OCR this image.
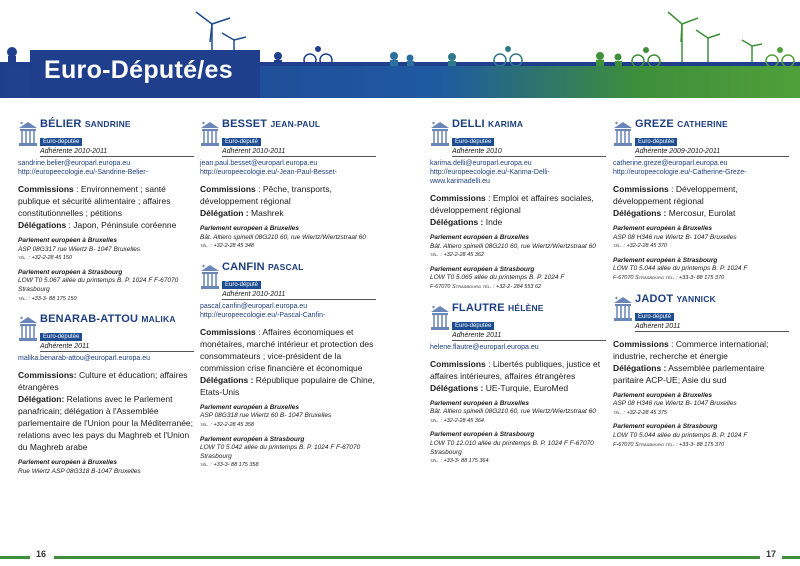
Euro-Député/es
* BÉLIER SANDRINE
Euro-députée
Adhérente 2010-2011
sandrine.belier@europarl.europa.eu
http://europeecologie.eu/-Sandrine-Belier-
Commissions : Environnement ; santé publique et sécurité alimentaire ; affaires constitutionnelles ; pétitions
Délégations : Japon, Péninsule coréenne
Parlement européen à Bruxelles
ASP 08G317 rue Wiertz B- 1047 Bruxelles
tél. : +32-2-28 45 150
Parlement européen à Strasbourg
LOW T0 5.067 allée du printemps B. P. 1024 F F-67070 Strasbourg
tél. : +33-3- 88 175 150
* BENARAB-ATTOU MALIKA
Euro-députée
Adhérente 2011
malika.benarab-attou@europarl.europa.eu
Commissions: Culture et éducation; affaires étrangères
Délégation: Relations avec le Parlement panafricain; délégation à l'Assemblée parlementaire de l'Union pour la Méditerranée; relations avec les pays du Maghreb et l'Union du Maghreb arabe
Parlement européen à Bruxelles
Rue Wiertz ASP 08G318 B-1047 Bruxelles
* BESSET JEAN-PAUL
Euro-député
Adhérent 2010-2011
jean.paul.besset@europarl.europa.eu
http://europeecologie.eu/-Jean-Paul-Besset-
Commissions : Pêche, transports, développement régional
Délégation : Mashrek
Parlement européen à Bruxelles
Bât. Altiero spinelli 08G210 60, rue Wiertz/Wiertzstraat 60
tél. : +32-2-28 45 348
* CANFIN PASCAL
Euro-député
Adhérent 2010-2011
pascal.canfin@europarl.europa.eu
http://europeecologie.eu/-Pascal-Canfin-
Commissions : Affaires économiques et monétaires, marché intérieur et protection des consommateurs ; vice-président de la commission crise financière et économique
Délégations : République populaire de Chine, Etats-Unis
Parlement européen à Bruxelles
ASP 08G318 rue Wiertz 60 B- 1047 Bruxelles
tél. : +32-2-28 45 358
Parlement européen à Strasbourg
LOW T0 5.042 allée du printemps B. P. 1024 F F-67070 Strasbourg
tél. : +33-3- 88 175 358
* DELLI KARIMA
Euro-députée
Adhérente 2010
karima.delli@europarl.europa.eu
http://europeecologie.eu/-Karima-Delli- www.karimadelli.eu
Commissions : Emploi et affaires sociales, développement régional
Délégations : Inde
Parlement européen à Bruxelles
Bât. Altiero spinelli 08G210 60, rue Wiertz/Wiertzstraat 60
tél. : +32-2-28 45 362
Parlement européen à Strasbourg
LOW T0 5.065 allée du printemps B. P. 1024 F
F-67070 Strasbourg tél. : +32-2- 284 553 62
* FLAUTRE HÉLÈNE
Euro-députée
Adhérente 2011
helene.flautre@europarl.europa.eu
Commissions : Libertés publiques, justice et affaires intérieures, affaires étrangères
Délégations : UE-Turquie, EuroMed
Parlement européen à Bruxelles
Bât. Altiero spinelli 08G210 60, rue Wiertz/Wiertzstraat 60
tél. : +32-2-28 45 364
Parlement européen à Strasbourg
LOW T0 12.010 allée du printemps B. P. 1024 F F-67070 Strasbourg
tél. : +33-3- 88 175 364
* GREZE CATHERINE
Euro-députée
Adhérente 2009-2010-2011
catherine.greze@europarl.europa.eu
http://europeecologie.eu/-Catherine-Greze-
Commissions : Développement, développement régional
Délégations : Mercosur, Eurolat
Parlement européen à Bruxelles
ASP 08 H346 rue Wiertz B- 1047 Bruxelles
tél. : +32-2-28 45 370
Parlement européen à Strasbourg
LOW T0 5.044 allée du printemps B. P. 1024 F
F-67070 Strasbourg tél. : +33-3- 88 175 370
* JADOT YANNICK
Euro-député
Adhérent 2011
Commissions : Commerce international; industrie, recherche et énergie
Délégations : Assemblée parlementaire paritaire ACP-UE; Asie du sud
Parlement européen à Bruxelles
ASP 08 H346 rue Wiertz B- 1047 Bruxelles
tél. : +32-2-28 45 375
Parlement européen à Strasbourg
LOW T0 5.044 allée du printemps B. P. 1024 F
F-67070 Strasbourg tél. : +33-3- 88 175 370
16	17
